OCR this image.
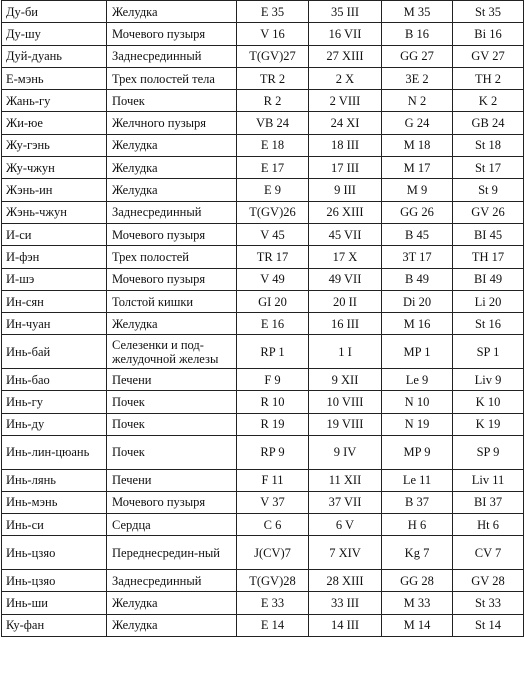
Ду-би	Желудка	E 35	35 III	M 35	St 35
Ду-шу	Мочевого пузыря	V 16	16 VII	B 16	Bi 16
Дуй-дуань	Заднесрединный	T(GV)27	27 XIII	GG 27	GV 27
Е-мэнь	Трех полостей тела	TR 2	2 X	3E 2	TH 2
Жань-гу	Почек	R 2	2 VIII	N 2	K 2
Жи-юе	Желчного пузыря	VB 24	24 XI	G 24	GB 24
Жу-гэнь	Желудка	E 18	18 III	M 18	St 18
Жу-чжун	Желудка	E 17	17 III	M 17	St 17
Жэнь-ин	Желудка	E 9	9 III	M 9	St 9
Жэнь-чжун	Заднесрединный	T(GV)26	26 XIII	GG 26	GV 26
И-си	Мочевого пузыря	V 45	45 VII	B 45	BI 45
И-фэн	Трех полостей	TR 17	17 X	3T 17	TH 17
И-шэ	Мочевого пузыря	V 49	49 VII	B 49	BI 49
Ин-сян	Толстой кишки	GI 20	20 II	Di 20	Li 20
Ин-чуан	Желудка	E 16	16 III	M 16	St 16
Инь-бай	Селезенки и под-желудочной железы	RP 1	1 I	MP 1	SP 1
Инь-бао	Печени	F 9	9 XII	Le 9	Liv 9
Инь-гу	Почек	R 10	10 VIII	N 10	K 10
Инь-ду	Почек	R 19	19 VIII	N 19	K 19
Инь-лин-цюань	Почек	RP 9	9 IV	MP 9	SP 9
Инь-лянь	Печени	F 11	11 XII	Le 11	Liv 11
Инь-мэнь	Мочевого пузыря	V 37	37 VII	B 37	BI 37
Инь-си	Сердца	C 6	6 V	H 6	Ht 6
Инь-цзяо	Переднесредин-ный	J(CV)7	7 XIV	Kg 7	CV 7
Инь-цзяо	Заднесрединный	T(GV)28	28 XIII	GG 28	GV 28
Инь-ши	Желудка	E 33	33 III	M 33	St 33
Ку-фан	Желудка	E 14	14 III	M 14	St 14
